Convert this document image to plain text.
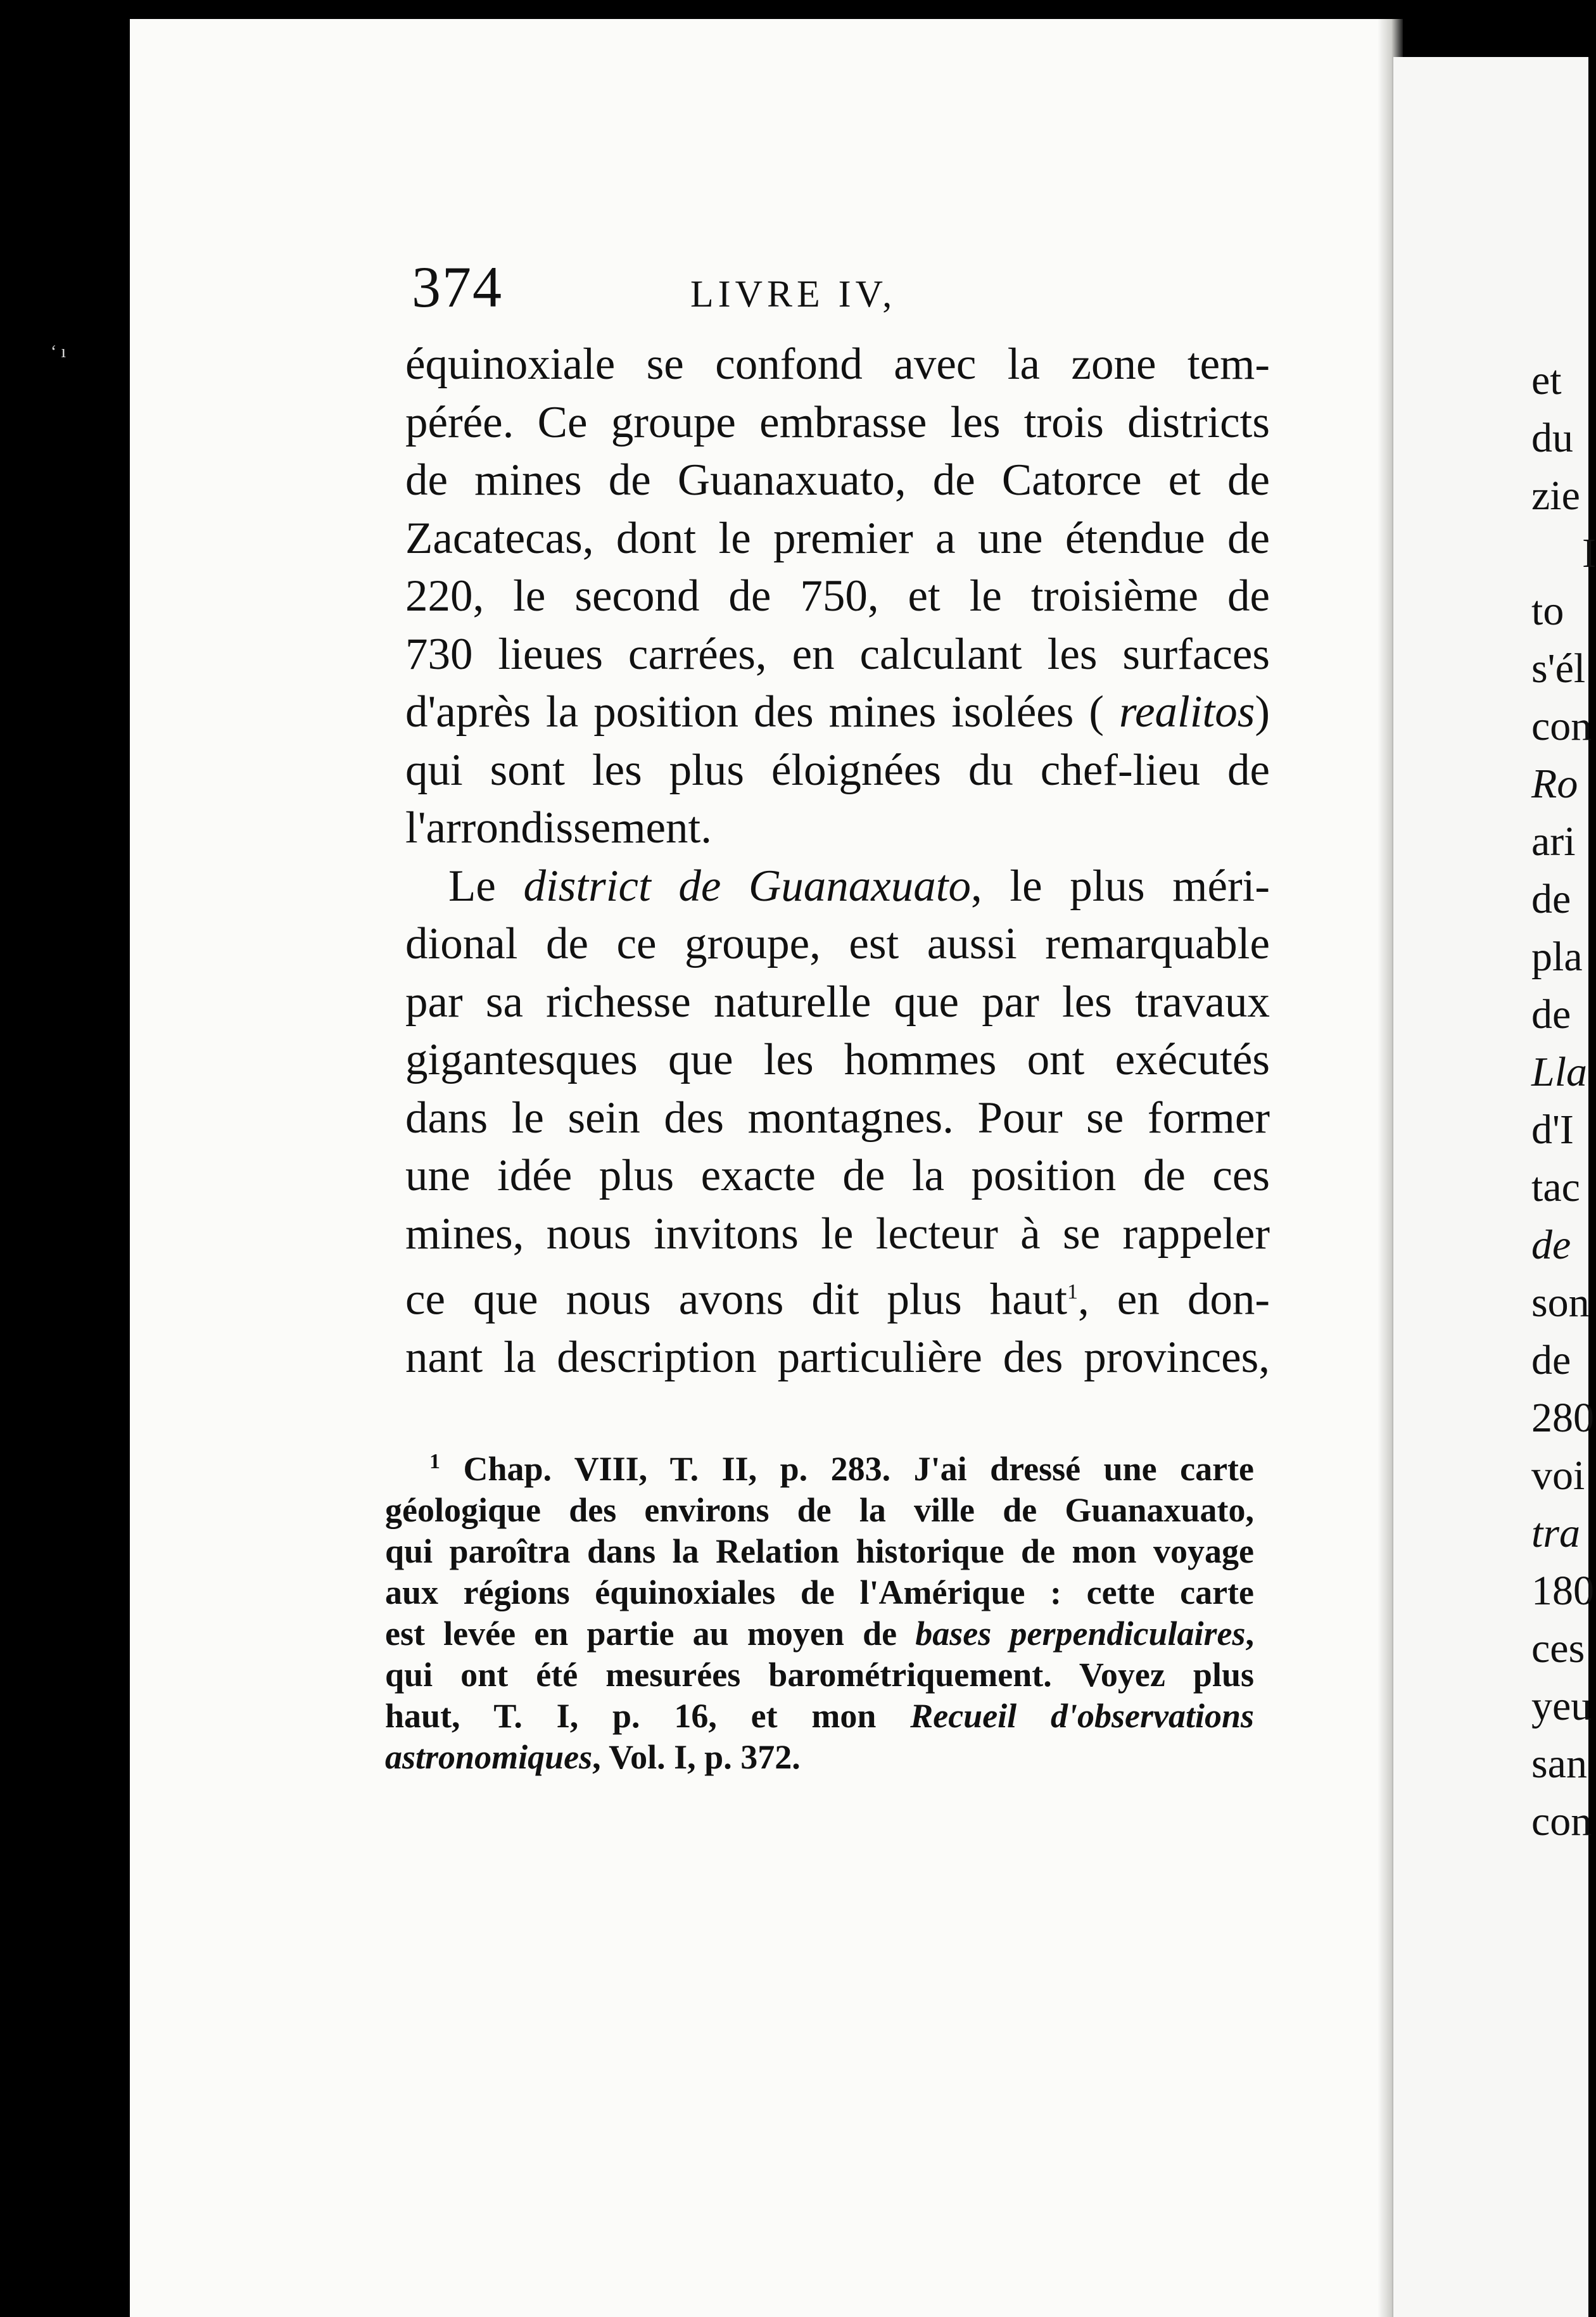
ʻ ı
374	LIVRE IV,
équinoxiale se confond avec la zone tem-
pérée. Ce groupe embrasse les trois districts
de mines de Guanaxuato, de Catorce et de
Zacatecas, dont le premier a une étendue de
220, le second de 750, et le troisième de
730 lieues carrées, en calculant les surfaces
d'après la position des mines isolées ( realitos)
qui sont les plus éloignées du chef-lieu de
l'arrondissement.
Le district de Guanaxuato, le plus méri-
dional de ce groupe, est aussi remarquable
par sa richesse naturelle que par les travaux
gigantesques que les hommes ont exécutés
dans le sein des montagnes. Pour se former
une idée plus exacte de la position de ces
mines, nous invitons le lecteur à se rappeler
ce que nous avons dit plus haut$^1$, en don-
nant la description particulière des provinces,
$^1$ Chap. VIII, T. II, p. 283. J'ai dressé une carte
géologique des environs de la ville de Guanaxuato,
qui paroîtra dans la Relation historique de mon voyage
aux régions équinoxiales de l'Amérique : cette carte
est levée en partie au moyen de bases perpendiculaires,
qui ont été mesurées barométriquement. Voyez plus
haut, T. I, p. 16, et mon Recueil d'observations
astronomiques, Vol. I, p. 372.
et
du
zie
I
to
s'él
con
Ro
ari
de
pla
de
Lla
d'I
tac
de
son
de
280
voi
tra
180
ces
yeu
san
con
